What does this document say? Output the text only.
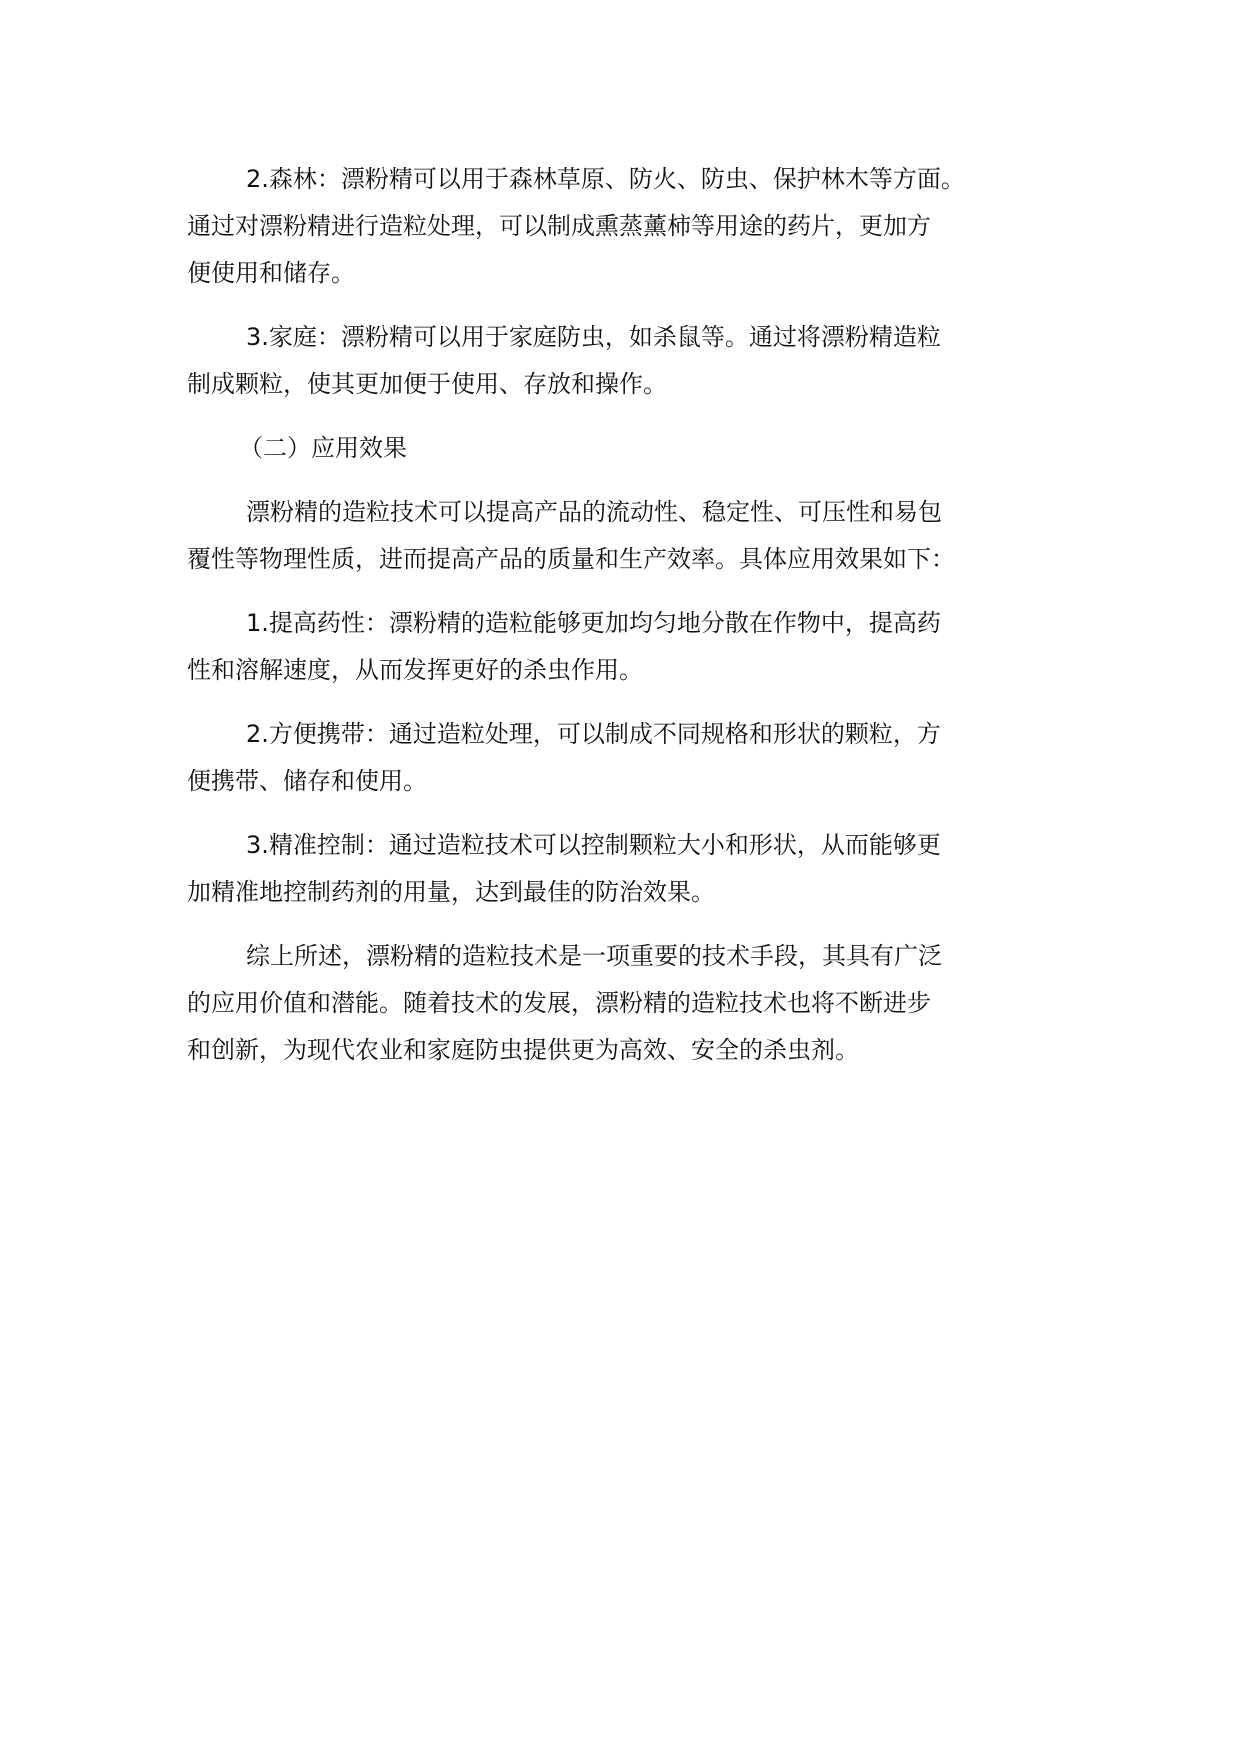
2.森林：漂粉精可以用于森林草原、防火、防虫、保护林木等方面。
通过对漂粉精进行造粒处理，可以制成熏蒸薰柿等用途的药片，更加方
便使用和储存。

3.家庭：漂粉精可以用于家庭防虫，如杀鼠等。通过将漂粉精造粒
制成颗粒，使其更加便于使用、存放和操作。

（二）应用效果

漂粉精的造粒技术可以提高产品的流动性、稳定性、可压性和易包
覆性等物理性质，进而提高产品的质量和生产效率。具体应用效果如下：

1.提高药性：漂粉精的造粒能够更加均匀地分散在作物中，提高药
性和溶解速度，从而发挥更好的杀虫作用。

2.方便携带：通过造粒处理，可以制成不同规格和形状的颗粒，方
便携带、储存和使用。

3.精准控制：通过造粒技术可以控制颗粒大小和形状，从而能够更
加精准地控制药剂的用量，达到最佳的防治效果。

综上所述，漂粉精的造粒技术是一项重要的技术手段，其具有广泛
的应用价值和潜能。随着技术的发展，漂粉精的造粒技术也将不断进步
和创新，为现代农业和家庭防虫提供更为高效、安全的杀虫剂。
